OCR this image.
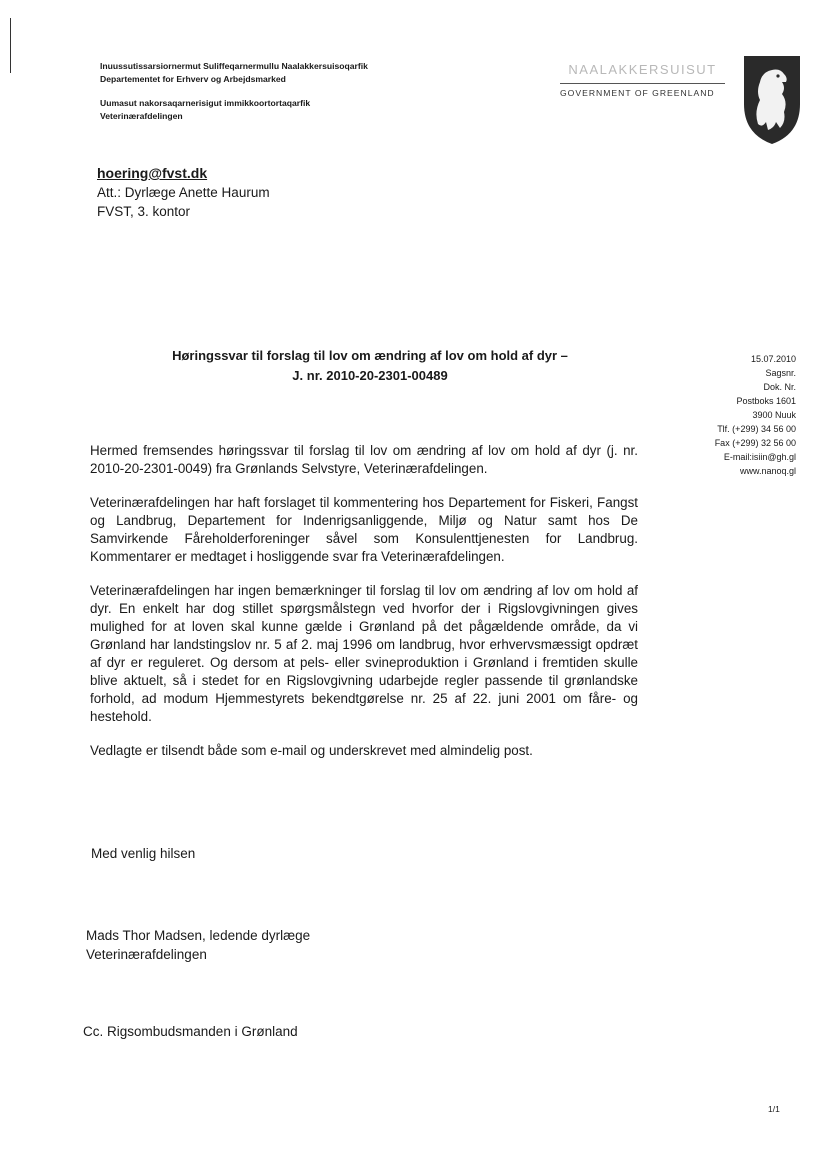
Inuussutissarsiornermut Suliffeqarnermullu Naalakkersuisoqarfik
Departementet for Erhverv og Arbejdsmarked
Uumasut nakorsaqarnerisigut immikkoortortaqarfik
Veterinærafdelingen
NAALAKKERSUISUT
GOVERNMENT OF GREENLAND
hoering@fvst.dk
Att.: Dyrlæge Anette Haurum
FVST, 3. kontor
Høringssvar til forslag til lov om ændring af lov om hold af dyr –
J. nr. 2010-20-2301-00489
15.07.2010
Sagsnr.
Dok. Nr.
Postboks 1601
3900 Nuuk
Tlf. (+299) 34 56 00
Fax (+299) 32 56 00
E-mail:isiin@gh.gl
www.nanoq.gl

Hermed fremsendes høringssvar til forslag til lov om ændring af lov om hold af dyr (j. nr. 2010-20-2301-0049) fra Grønlands Selvstyre, Veterinærafdelingen.

Veterinærafdelingen har haft forslaget til kommentering hos Departement for Fiskeri, Fangst og Landbrug, Departement for Indenrigsanliggende, Miljø og Natur samt hos De Samvirkende Fåreholderforeninger såvel som Konsulenttjenesten for Landbrug. Kommentarer er medtaget i hosliggende svar fra Veterinærafdelingen.

Veterinærafdelingen har ingen bemærkninger til forslag til lov om ændring af lov om hold af dyr. En enkelt har dog stillet spørgsmålstegn ved hvorfor der i Rigslovgivningen gives mulighed for at loven skal kunne gælde i Grønland på det pågældende område, da vi Grønland har landstingslov nr. 5 af 2. maj 1996 om landbrug, hvor erhvervsmæssigt opdræt af dyr er reguleret. Og dersom at pels- eller svineproduktion i Grønland i fremtiden skulle blive aktuelt, så i stedet for en Rigslovgivning udarbejde regler passende til grønlandske forhold, ad modum Hjemmestyrets bekendtgørelse nr. 25 af 22. juni 2001 om fåre- og hestehold.

Vedlagte er tilsendt både som e-mail og underskrevet med almindelig post.

Med venlig hilsen
Mads Thor Madsen, ledende dyrlæge
Veterinærafdelingen
Cc. Rigsombudsmanden i Grønland
1/1
